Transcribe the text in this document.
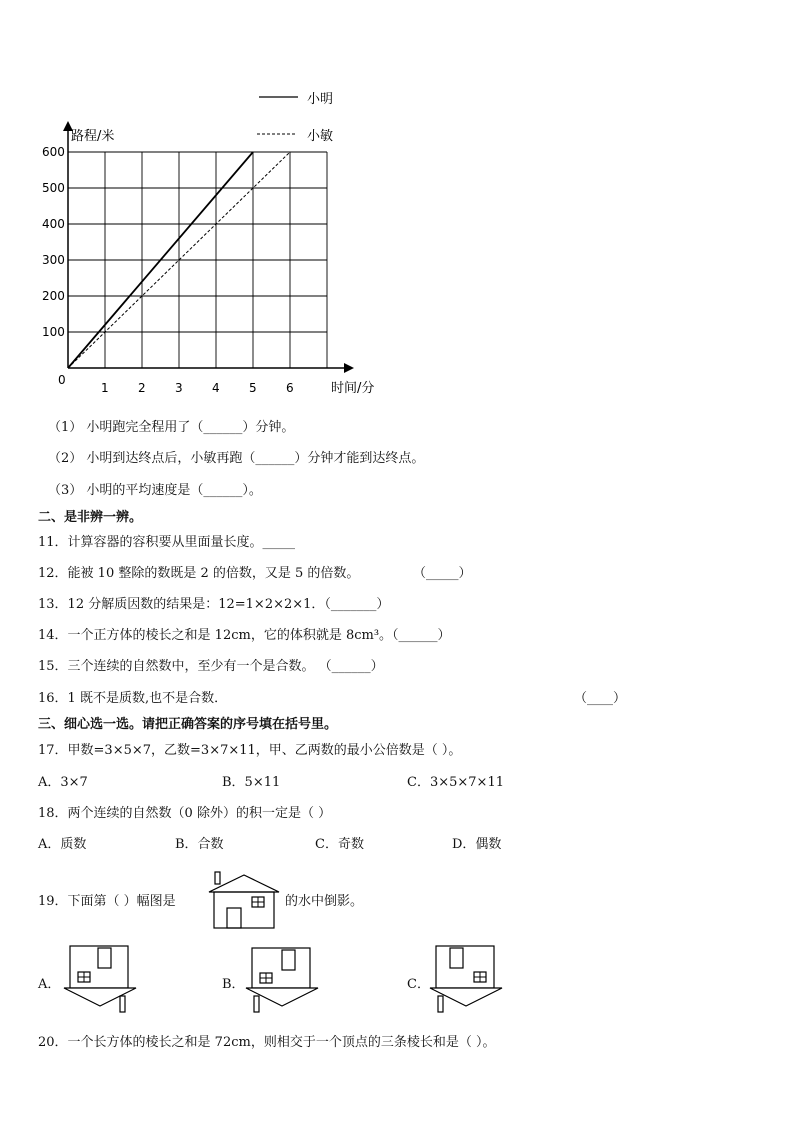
1 2 3 4 5 6
100
200
300
400
500
600
小明
小敏
路程/米
时间/分
0
（1） 小明跑完全程用了（______）分钟。
（2） 小明到达终点后，小敏再跑（______）分钟才能到达终点。
（3） 小明的平均速度是（______）。
二、是非辨一辨。
11．计算容器的容积要从里面量长度。_____
12．能被 10 整除的数既是 2 的倍数，又是 5 的倍数。	（_____）
13．12 分解质因数的结果是：12=1×2×2×1．（_______）
14．一个正方体的棱长之和是 12cm，它的体积就是 8cm³。（______）
15．三个连续的自然数中，至少有一个是合数。 （______）
16．1 既不是质数,也不是合数．	（____）
三、细心选一选。请把正确答案的序号填在括号里。
17．甲数=3×5×7，乙数=3×7×11，甲、乙两数的最小公倍数是（ ）。
A．3×7	B．5×11	C．3×5×7×11
18．两个连续的自然数（0 除外）的积一定是（ ）
A．质数	B．合数	C．奇数	D．偶数
19．下面第（ ）幅图是	的水中倒影。
A．	B．	C．
20．一个长方体的棱长之和是 72cm，则相交于一个顶点的三条棱长和是（ ）。
